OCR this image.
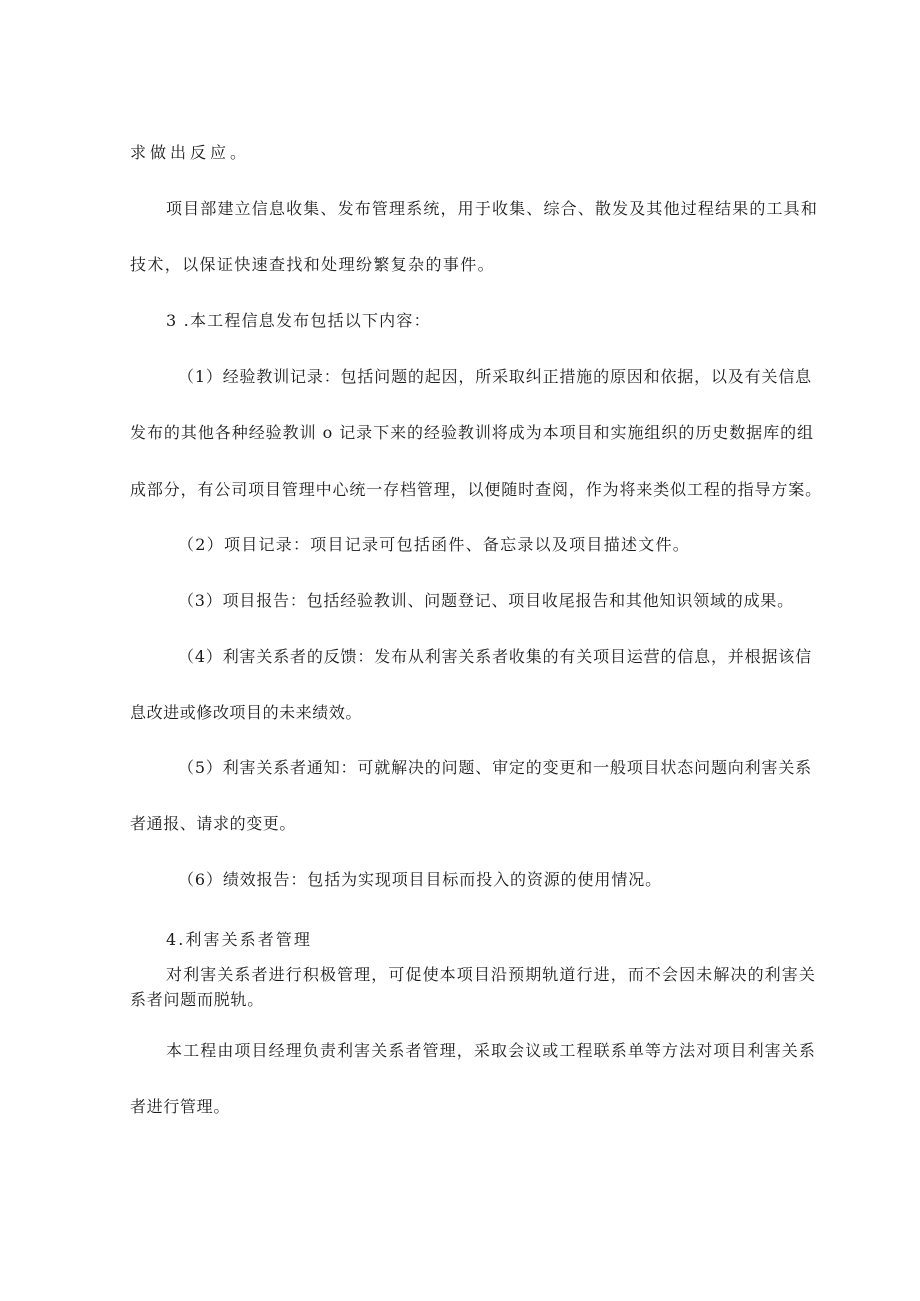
求做出反应。

项目部建立信息收集、发布管理系统，用于收集、综合、散发及其他过程结果的工具和

技术，以保证快速查找和处理纷繁复杂的事件。

3 .本工程信息发布包括以下内容：

（1）经验教训记录：包括问题的起因，所采取纠正措施的原因和依据，以及有关信息

发布的其他各种经验教训 o 记录下来的经验教训将成为本项目和实施组织的历史数据库的组

成部分，有公司项目管理中心统一存档管理，以便随时查阅，作为将来类似工程的指导方案。

（2）项目记录：项目记录可包括函件、备忘录以及项目描述文件。

（3）项目报告：包括经验教训、问题登记、项目收尾报告和其他知识领域的成果。

（4）利害关系者的反馈：发布从利害关系者收集的有关项目运营的信息，并根据该信

息改进或修改项目的未来绩效。

（5）利害关系者通知：可就解决的问题、审定的变更和一般项目状态问题向利害关系

者通报、请求的变更。

（6）绩效报告：包括为实现项目目标而投入的资源的使用情况。

4.利害关系者管理

对利害关系者进行积极管理，可促使本项目沿预期轨道行进，而不会因未解决的利害关

系者问题而脱轨。

本工程由项目经理负责利害关系者管理，采取会议或工程联系单等方法对项目利害关系

者进行管理。
